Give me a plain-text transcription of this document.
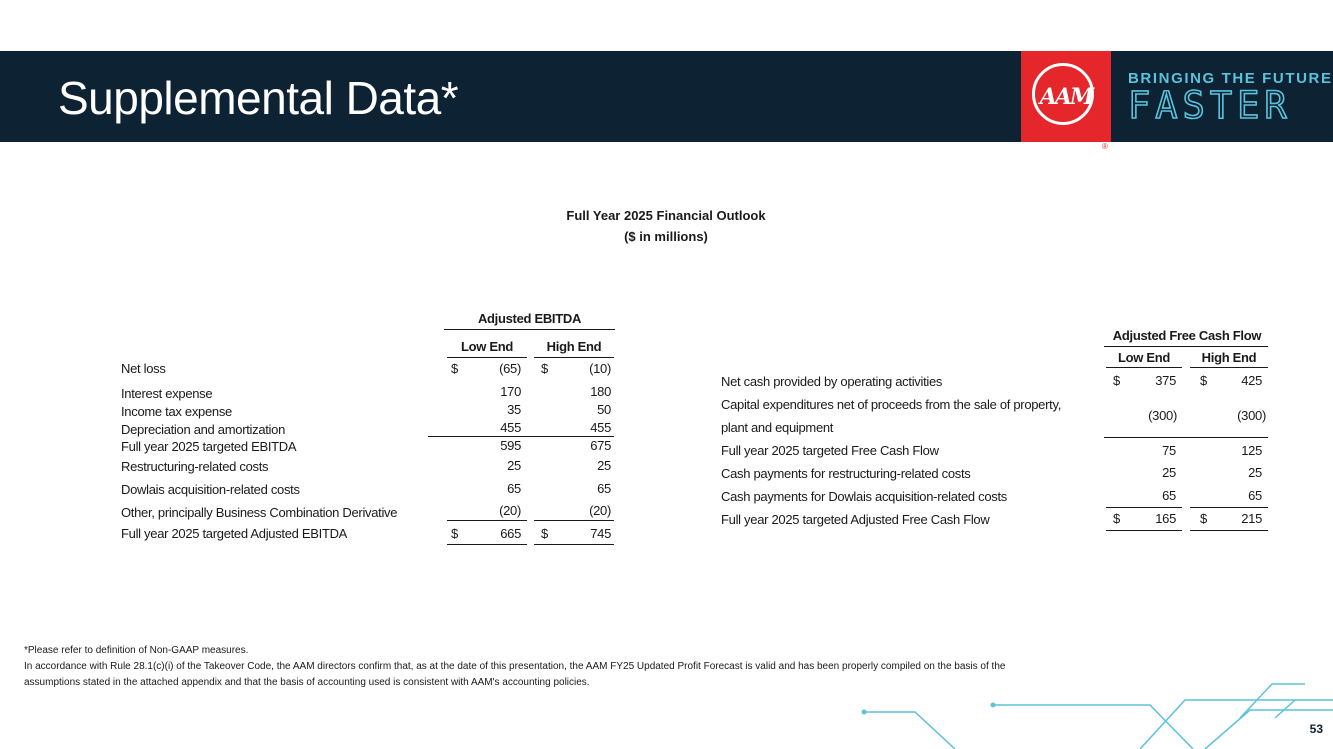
Supplemental Data*	AAM
®
BRINGING THE FUTURE
FASTER
Full Year 2025 Financial Outlook
($ in millions)
Adjusted EBITDA
Low End	High End
Net loss	$	(65) $	(10)
Interest expense	170	180
Income tax expense	35	50
Depreciation and amortization	455	455
Full year 2025 targeted EBITDA	595	675
Restructuring-related costs	25	25
Dowlais acquisition-related costs	65	65
Other, principally Business Combination Derivative	(20)	(20)
Full year 2025 targeted Adjusted EBITDA	$	665 $	745
Adjusted Free Cash Flow
Low End	High End
Net cash provided by operating activities	$	375 $	425
Capital expenditures net of proceeds from the sale of property,
plant and equipment
(300)	(300)
Full year 2025 targeted Free Cash Flow	75	125
Cash payments for restructuring-related costs	25	25
Cash payments for Dowlais acquisition-related costs	65	65
Full year 2025 targeted Adjusted Free Cash Flow	$	165 $	215
*Please refer to definition of Non-GAAP measures.
In accordance with Rule 28.1(c)(i) of the Takeover Code, the AAM directors confirm that, as at the date of this presentation, the AAM FY25 Updated Profit Forecast is valid and has been properly compiled on the basis of the
assumptions stated in the attached appendix and that the basis of accounting used is consistent with AAM's accounting policies.
53
